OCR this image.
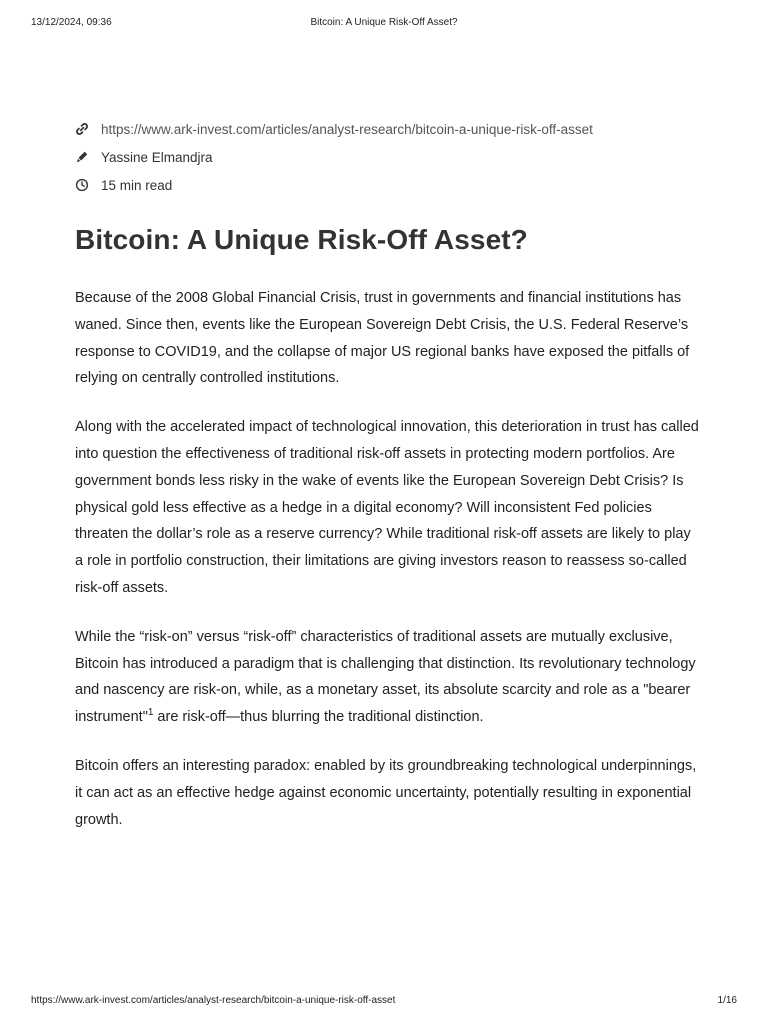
13/12/2024, 09:36	Bitcoin: A Unique Risk-Off Asset?
https://www.ark-invest.com/articles/analyst-research/bitcoin-a-unique-risk-off-asset
Yassine Elmandjra
15 min read
Bitcoin: A Unique Risk-Off Asset?

Because of the 2008 Global Financial Crisis, trust in governments and financial institutions has waned. Since then, events like the European Sovereign Debt Crisis, the U.S. Federal Reserve’s response to COVID19, and the collapse of major US regional banks have exposed the pitfalls of relying on centrally controlled institutions.

Along with the accelerated impact of technological innovation, this deterioration in trust has called into question the effectiveness of traditional risk-off assets in protecting modern portfolios. Are government bonds less risky in the wake of events like the European Sovereign Debt Crisis? Is physical gold less effective as a hedge in a digital economy? Will inconsistent Fed policies threaten the dollar’s role as a reserve currency? While traditional risk-off assets are likely to play a role in portfolio construction, their limitations are giving investors reason to reassess so-called risk-off assets.

While the “risk-on” versus “risk-off” characteristics of traditional assets are mutually exclusive, Bitcoin has introduced a paradigm that is challenging that distinction. Its revolutionary technology and nascency are risk-on, while, as a monetary asset, its absolute scarcity and role as a "bearer instrument"$^1$ are risk-off—thus blurring the traditional distinction.

Bitcoin offers an interesting paradox: enabled by its groundbreaking technological underpinnings, it can act as an effective hedge against economic uncertainty, potentially resulting in exponential growth.

https://www.ark-invest.com/articles/analyst-research/bitcoin-a-unique-risk-off-asset	1/16
